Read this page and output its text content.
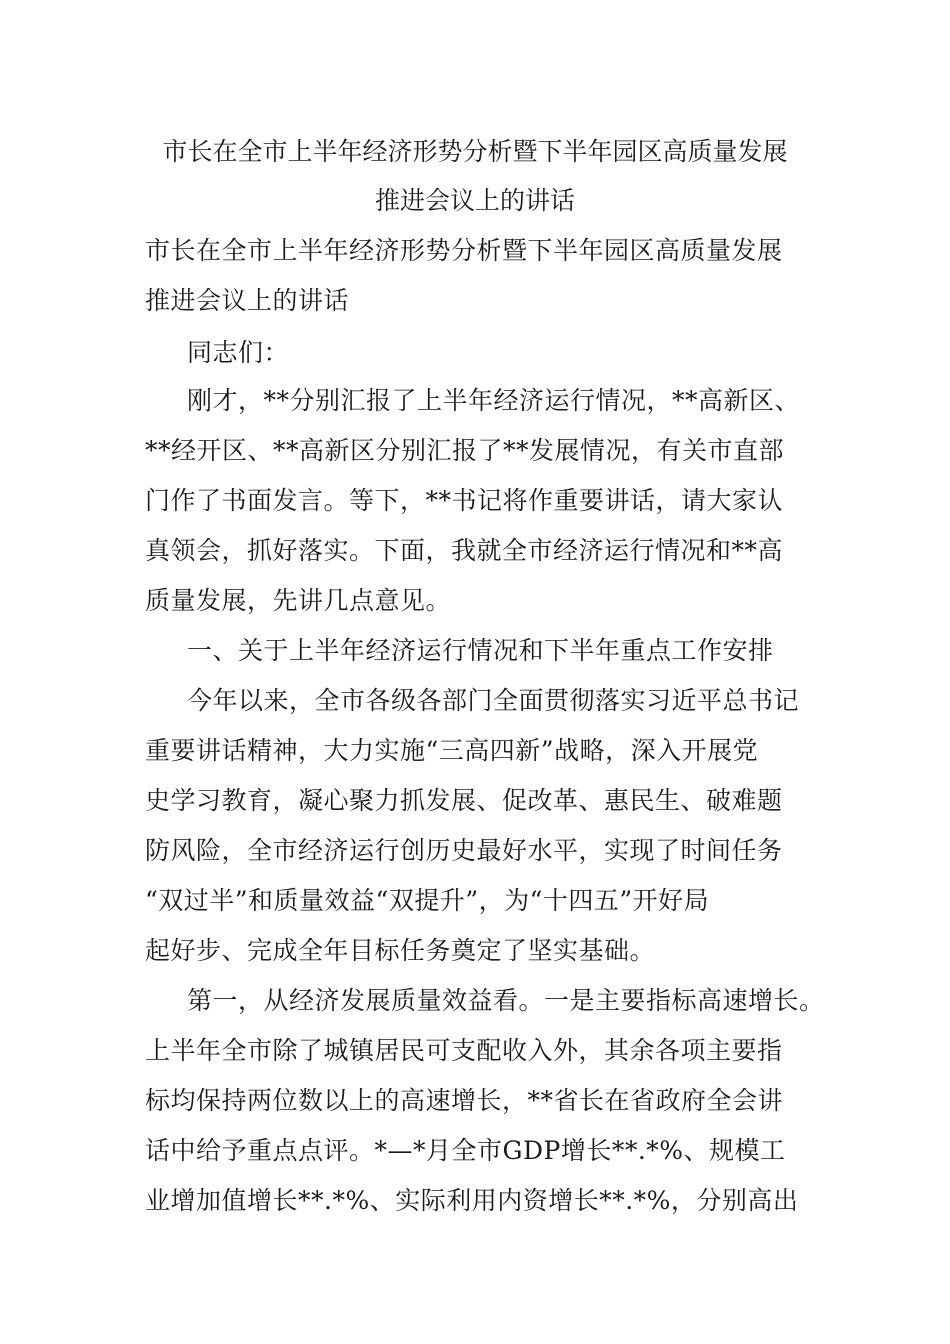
市长在全市上半年经济形势分析暨下半年园区高质量发展
推进会议上的讲话
市长在全市上半年经济形势分析暨下半年园区高质量发展
推进会议上的讲话
同志们：
刚才，**分别汇报了上半年经济运行情况，**高新区、
**经开区、**高新区分别汇报了**发展情况，有关市直部
门作了书面发言。等下，**书记将作重要讲话，请大家认
真领会，抓好落实。下面，我就全市经济运行情况和**高
质量发展，先讲几点意见。
一、关于上半年经济运行情况和下半年重点工作安排
今年以来，全市各级各部门全面贯彻落实习近平总书记
重要讲话精神，大力实施“三高四新”战略，深入开展党
史学习教育，凝心聚力抓发展、促改革、惠民生、破难题
防风险，全市经济运行创历史最好水平，实现了时间任务
“双过半”和质量效益“双提升”，为“十四五”开好局
起好步、完成全年目标任务奠定了坚实基础。
第一，从经济发展质量效益看。一是主要指标高速增长。
上半年全市除了城镇居民可支配收入外，其余各项主要指
标均保持两位数以上的高速增长，**省长在省政府全会讲
话中给予重点点评。*—*月全市GDP增长**.*%、规模工
业增加值增长**.*%、实际利用内资增长**.*%，分别高出
